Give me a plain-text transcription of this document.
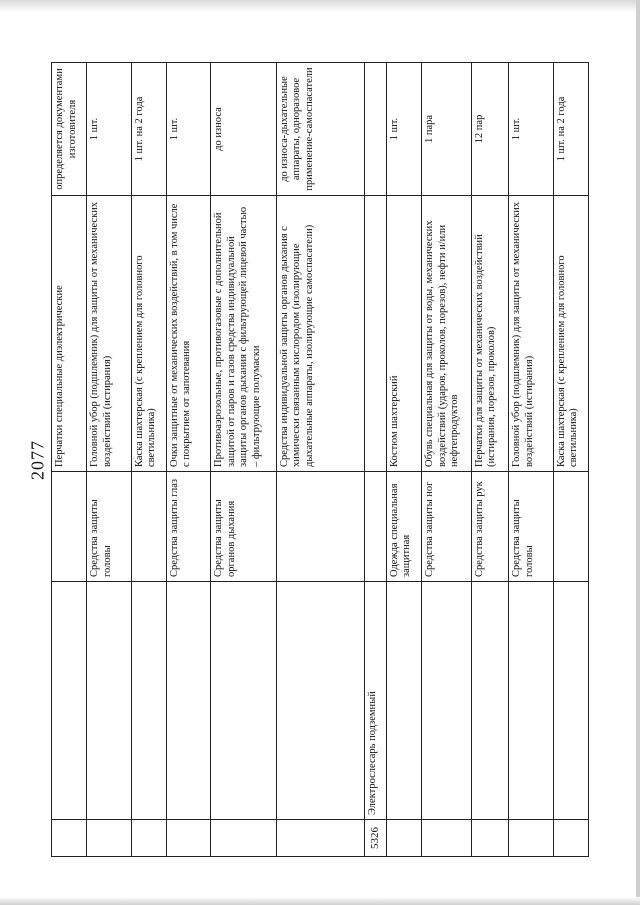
2077
			Перчатки специальные диэлектрические	определяется документами изготовителя
		Средства защиты головы	Головной убор (подшлемник) для защиты от механических воздействий (истирания)	1 шт.
			Каска шахтерская (с креплением для головного светильника)	1 шт. на 2 года
		Средства защиты глаз	Очки защитные от механических воздействий, в том числе с покрытием от запотевания	1 шт.
		Средства защиты органов дыхания	Противоаэрозольные, противогазовые с дополнительной защитой от паров и газов средства индивидуальной защиты органов дыхания с фильтрующей лицевой частью – фильтрующие полумаски	до износа
			Средства индивидуальной защиты органов дыхания с химически связанным кислородом (изолирующие дыхательные аппараты, изолирующие самоспасатели)	до износа-дыхательные аппараты, одноразовое применение-самоспасатели
5326	Электрослесарь подземный			
		Одежда специальная защитная	Костюм шахтерский	1 шт.
		Средства защиты ног	Обувь специальная для защиты от воды, механических воздействий (ударов, проколов, порезов), нефти и/или нефтепродуктов	1 пара
		Средства защиты рук	Перчатки для защиты от механических воздействий (истирания, порезов, проколов)	12 пар
		Средства защиты головы	Головной убор (подшлемник) для защиты от механических воздействий (истирания)	1 шт.
			Каска шахтерская (с креплением для головного светильника)	1 шт. на 2 года
